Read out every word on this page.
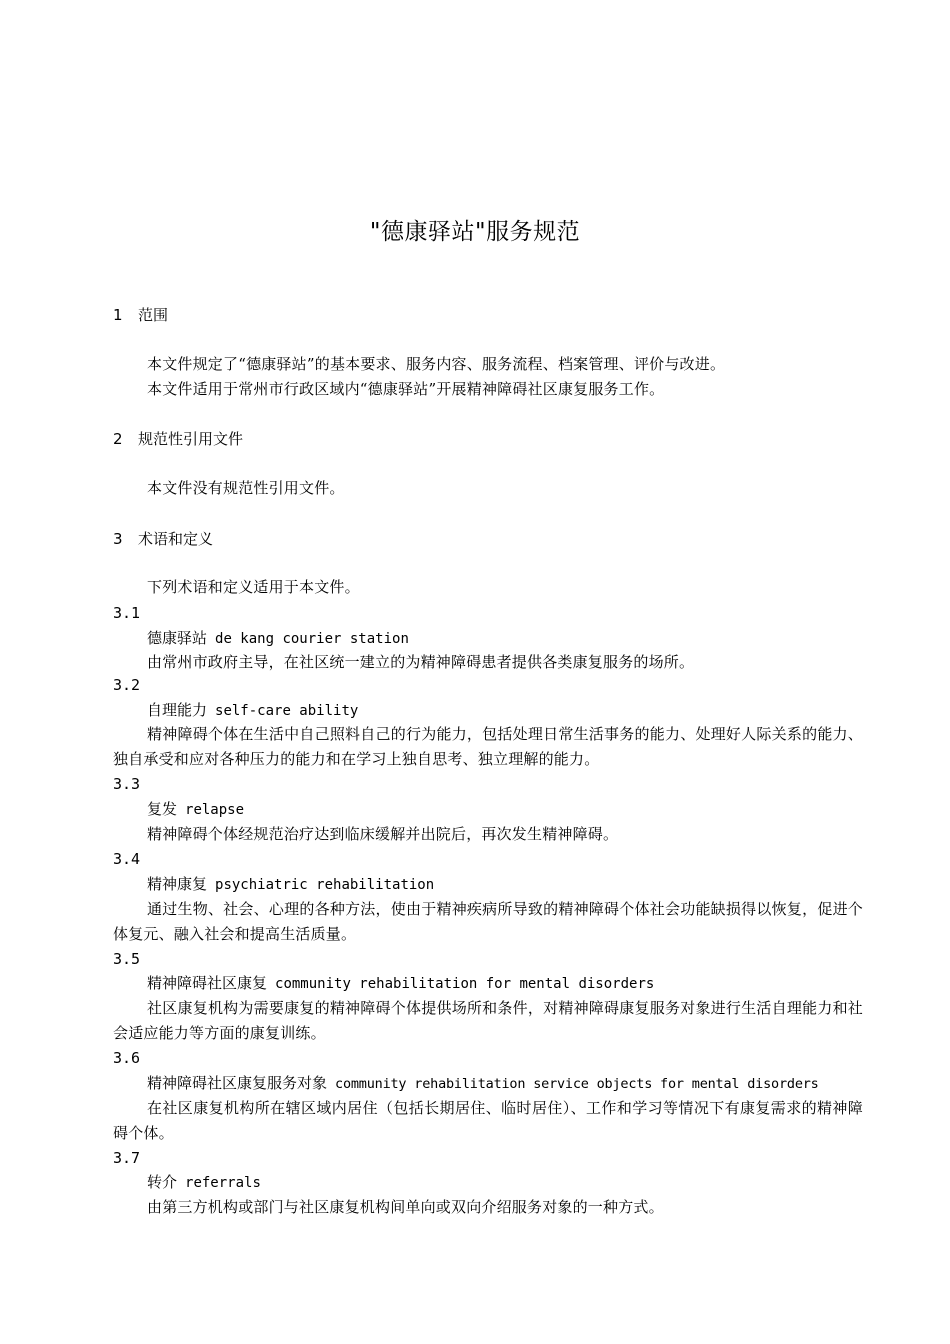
"德康驿站"服务规范
1 范围
本文件规定了“德康驿站”的基本要求、服务内容、服务流程、档案管理、评价与改进。
本文件适用于常州市行政区域内“德康驿站”开展精神障碍社区康复服务工作。
2 规范性引用文件
本文件没有规范性引用文件。
3 术语和定义
下列术语和定义适用于本文件。
3.1
德康驿站 de kang courier station
由常州市政府主导，在社区统一建立的为精神障碍患者提供各类康复服务的场所。
3.2
自理能力 self-care ability
精神障碍个体在生活中自己照料自己的行为能力，包括处理日常生活事务的能力、处理好人际关系的能力、独自承受和应对各种压力的能力和在学习上独自思考、独立理解的能力。
3.3
复发 relapse
精神障碍个体经规范治疗达到临床缓解并出院后，再次发生精神障碍。
3.4
精神康复 psychiatric rehabilitation
通过生物、社会、心理的各种方法，使由于精神疾病所导致的精神障碍个体社会功能缺损得以恢复，促进个体复元、融入社会和提高生活质量。
3.5
精神障碍社区康复 community rehabilitation for mental disorders
社区康复机构为需要康复的精神障碍个体提供场所和条件，对精神障碍康复服务对象进行生活自理能力和社会适应能力等方面的康复训练。
3.6
精神障碍社区康复服务对象 community rehabilitation service objects for mental disorders
在社区康复机构所在辖区域内居住（包括长期居住、临时居住）、工作和学习等情况下有康复需求的精神障碍个体。
3.7
转介 referrals
由第三方机构或部门与社区康复机构间单向或双向介绍服务对象的一种方式。
